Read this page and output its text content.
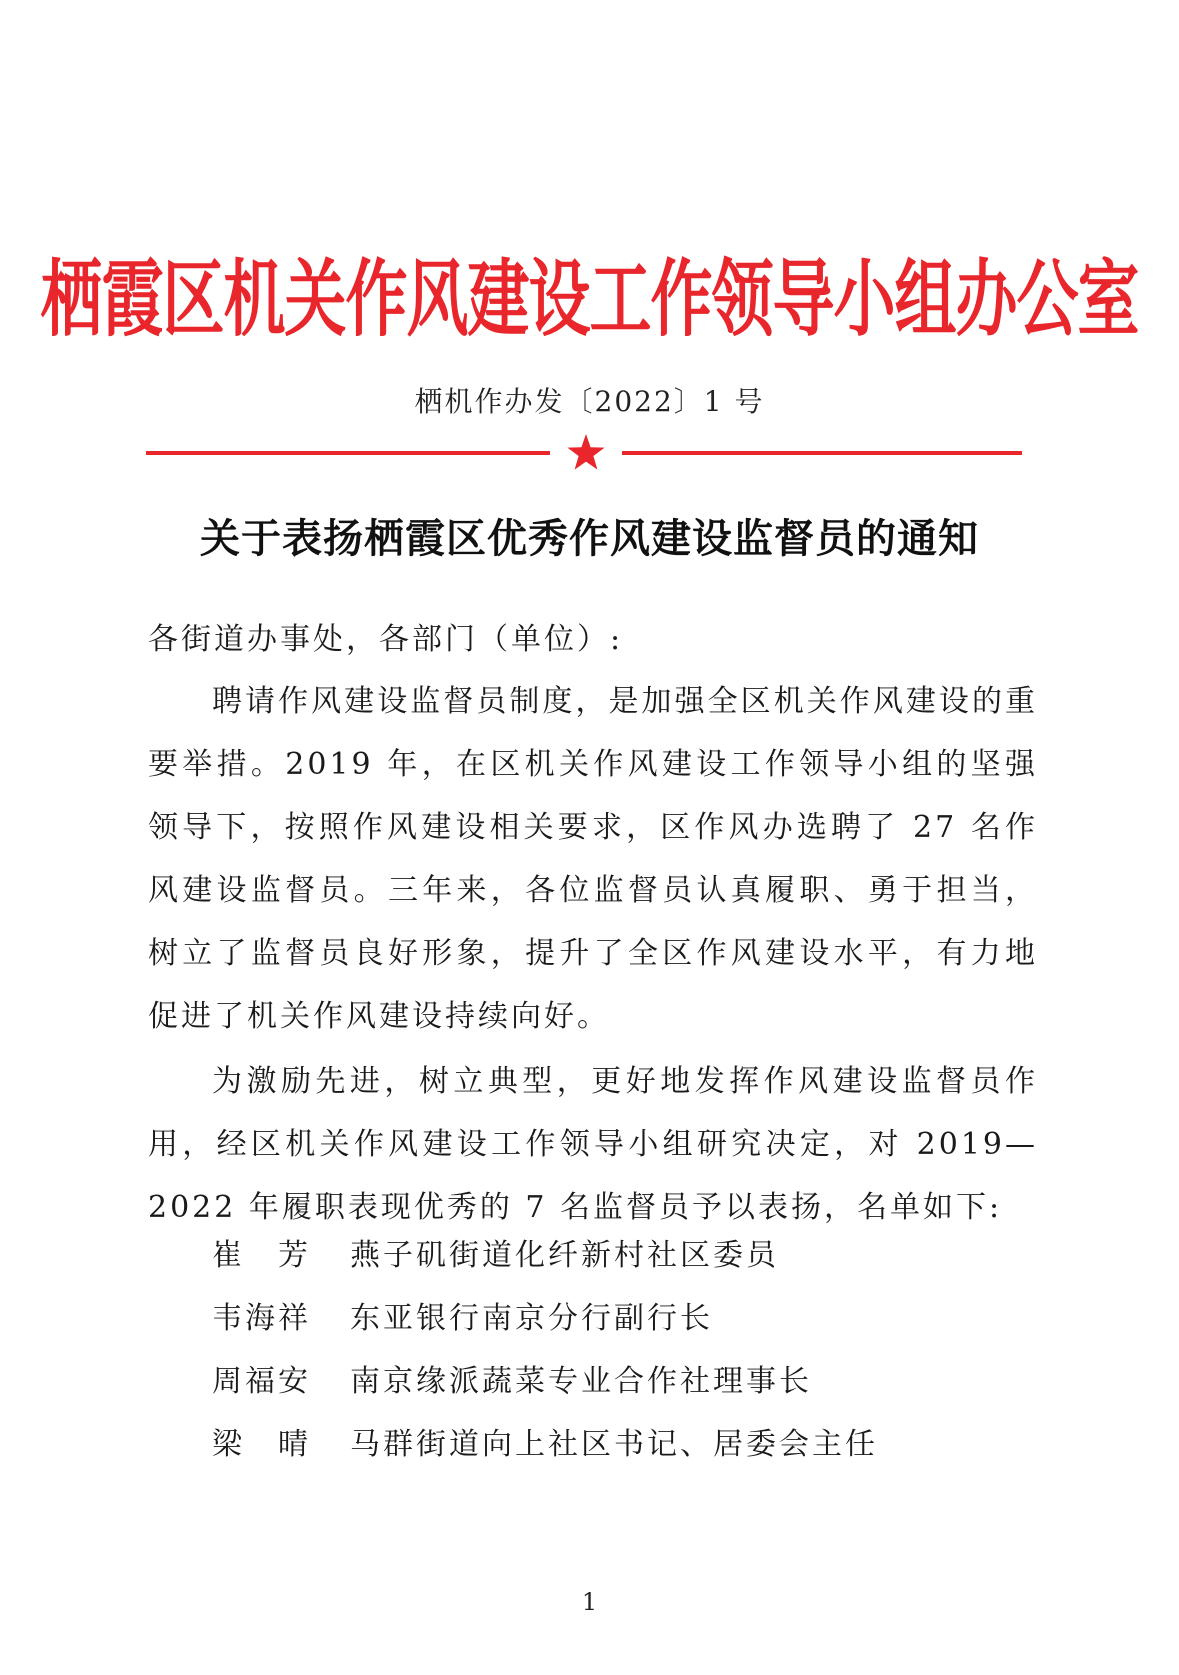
栖霞区机关作风建设工作领导小组办公室
栖机作办发〔2022〕1 号
关于表扬栖霞区优秀作风建设监督员的通知
各街道办事处，各部门（单位）:
聘请作风建设监督员制度，是加强全区机关作风建设的重要举措。2019 年，在区机关作风建设工作领导小组的坚强领导下，按照作风建设相关要求，区作风办选聘了 27 名作风建设监督员。三年来，各位监督员认真履职、勇于担当，树立了监督员良好形象，提升了全区作风建设水平，有力地促进了机关作风建设持续向好。
为激励先进，树立典型，更好地发挥作风建设监督员作用，经区机关作风建设工作领导小组研究决定，对 2019—2022 年履职表现优秀的 7 名监督员予以表扬，名单如下:
崔　芳 燕子矶街道化纤新村社区委员
韦海祥 东亚银行南京分行副行长
周福安 南京缘派蔬菜专业合作社理事长
梁　晴 马群街道向上社区书记、居委会主任
1
